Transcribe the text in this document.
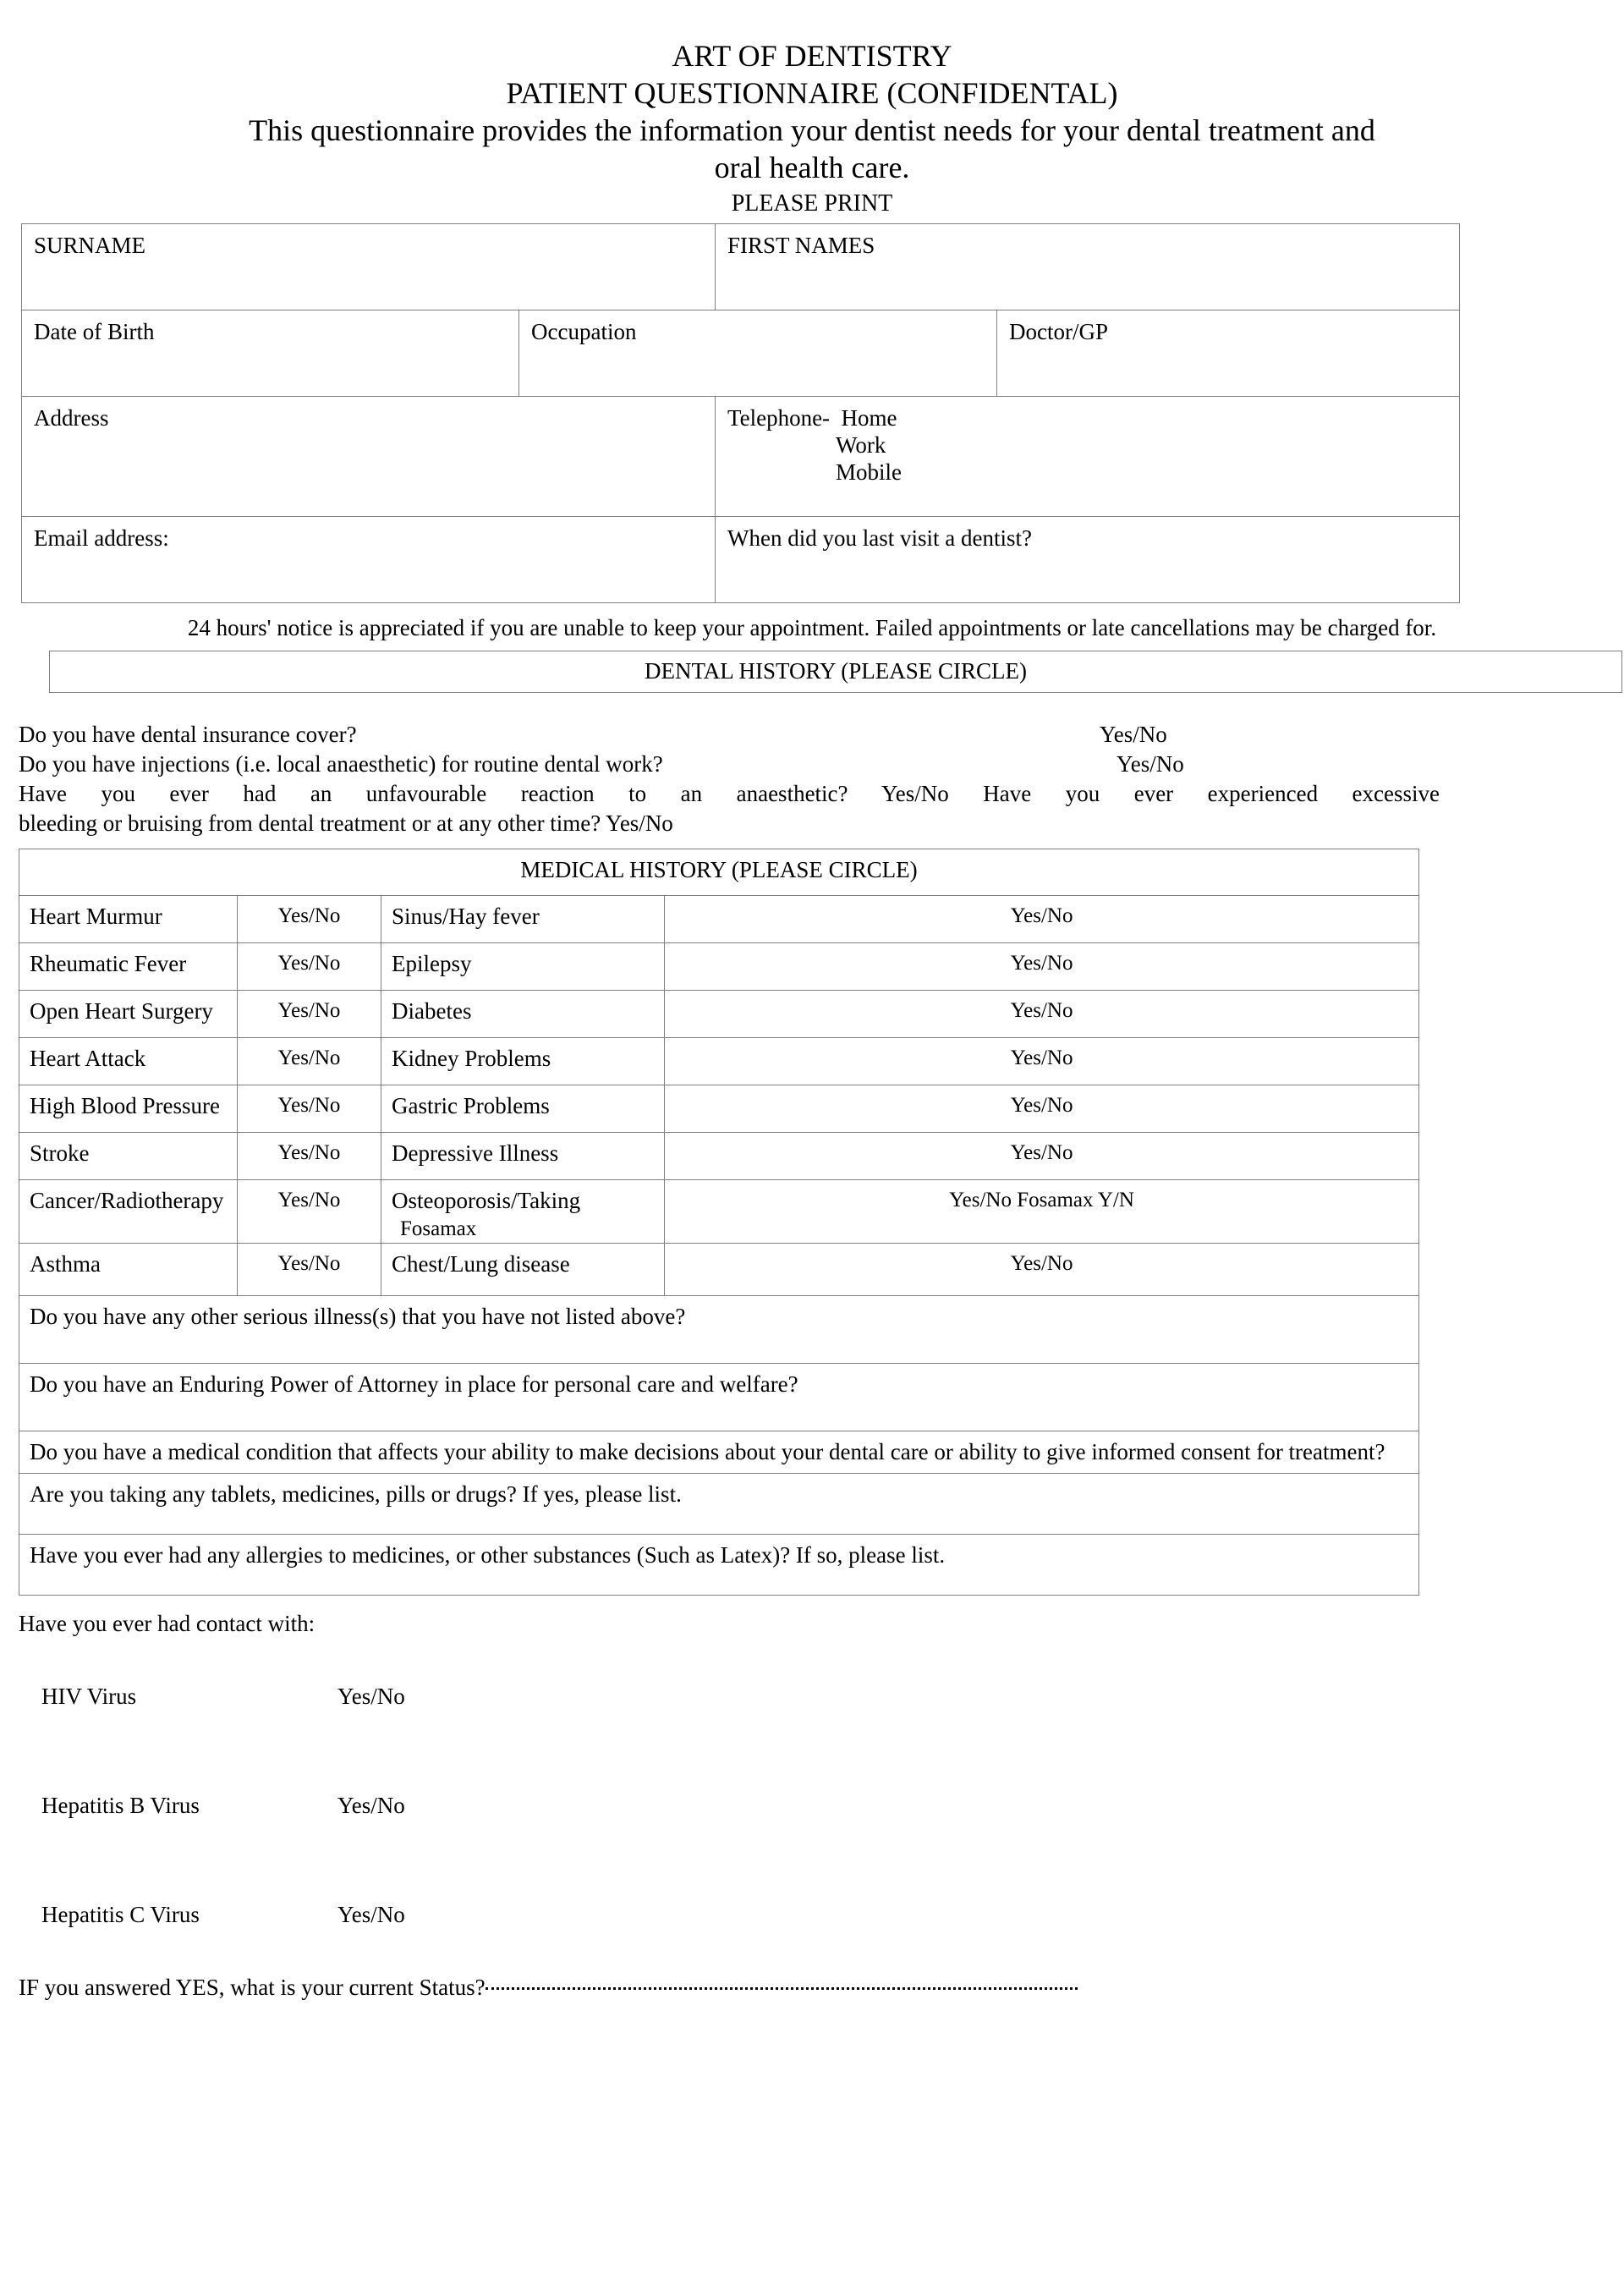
ART OF DENTISTRY
PATIENT QUESTIONNAIRE (CONFIDENTAL)
This questionnaire provides the information your dentist needs for your dental treatment and oral health care.
PLEASE PRINT
SURNAME		FIRST NAMES	
Date of Birth	Occupation		Doctor/GP
Address		Telephone-  Home
Work
Mobile	

Email address:		When did you last visit a dentist?	
24 hours' notice is appreciated if you are unable to keep your appointment. Failed appointments or late cancellations may be charged for.
DENTAL HISTORY (PLEASE CIRCLE)
Do you have dental insurance cover?	Yes/No
Do you have injections (i.e. local anaesthetic) for routine dental work?	Yes/No
Have you ever had an unfavourable reaction to an anaesthetic? Yes/No Have you ever experienced excessive
bleeding or bruising from dental treatment or at any other time? Yes/No
MEDICAL HISTORY (PLEASE CIRCLE)			
Heart Murmur	Yes/No	Sinus/Hay fever	Yes/No
Rheumatic Fever	Yes/No	Epilepsy	Yes/No
Open Heart Surgery	Yes/No	Diabetes	Yes/No
Heart Attack	Yes/No	Kidney Problems	Yes/No
High Blood Pressure	Yes/No	Gastric Problems	Yes/No
Stroke	Yes/No	Depressive Illness	Yes/No
Cancer/Radiotherapy	Yes/No	Osteoporosis/TakingFosamax	Yes/No Fosamax Y/N
Asthma	Yes/No	Chest/Lung disease	Yes/No
Do you have any other serious illness(s) that you have not listed above?			
Do you have an Enduring Power of Attorney in place for personal care and welfare?			
Do you have a medical condition that affects your ability to make decisions about your dental care or ability to give informed consent for treatment?			
Are you taking any tablets, medicines, pills or drugs? If yes, please list.			
Have you ever had any allergies to medicines, or other substances (Such as Latex)? If so, please list.			
Have you ever had contact with:

HIV Virus	Yes/No

Hepatitis B Virus	Yes/No

Hepatitis C Virus	Yes/No

IF you answered YES, what is your current Status?
